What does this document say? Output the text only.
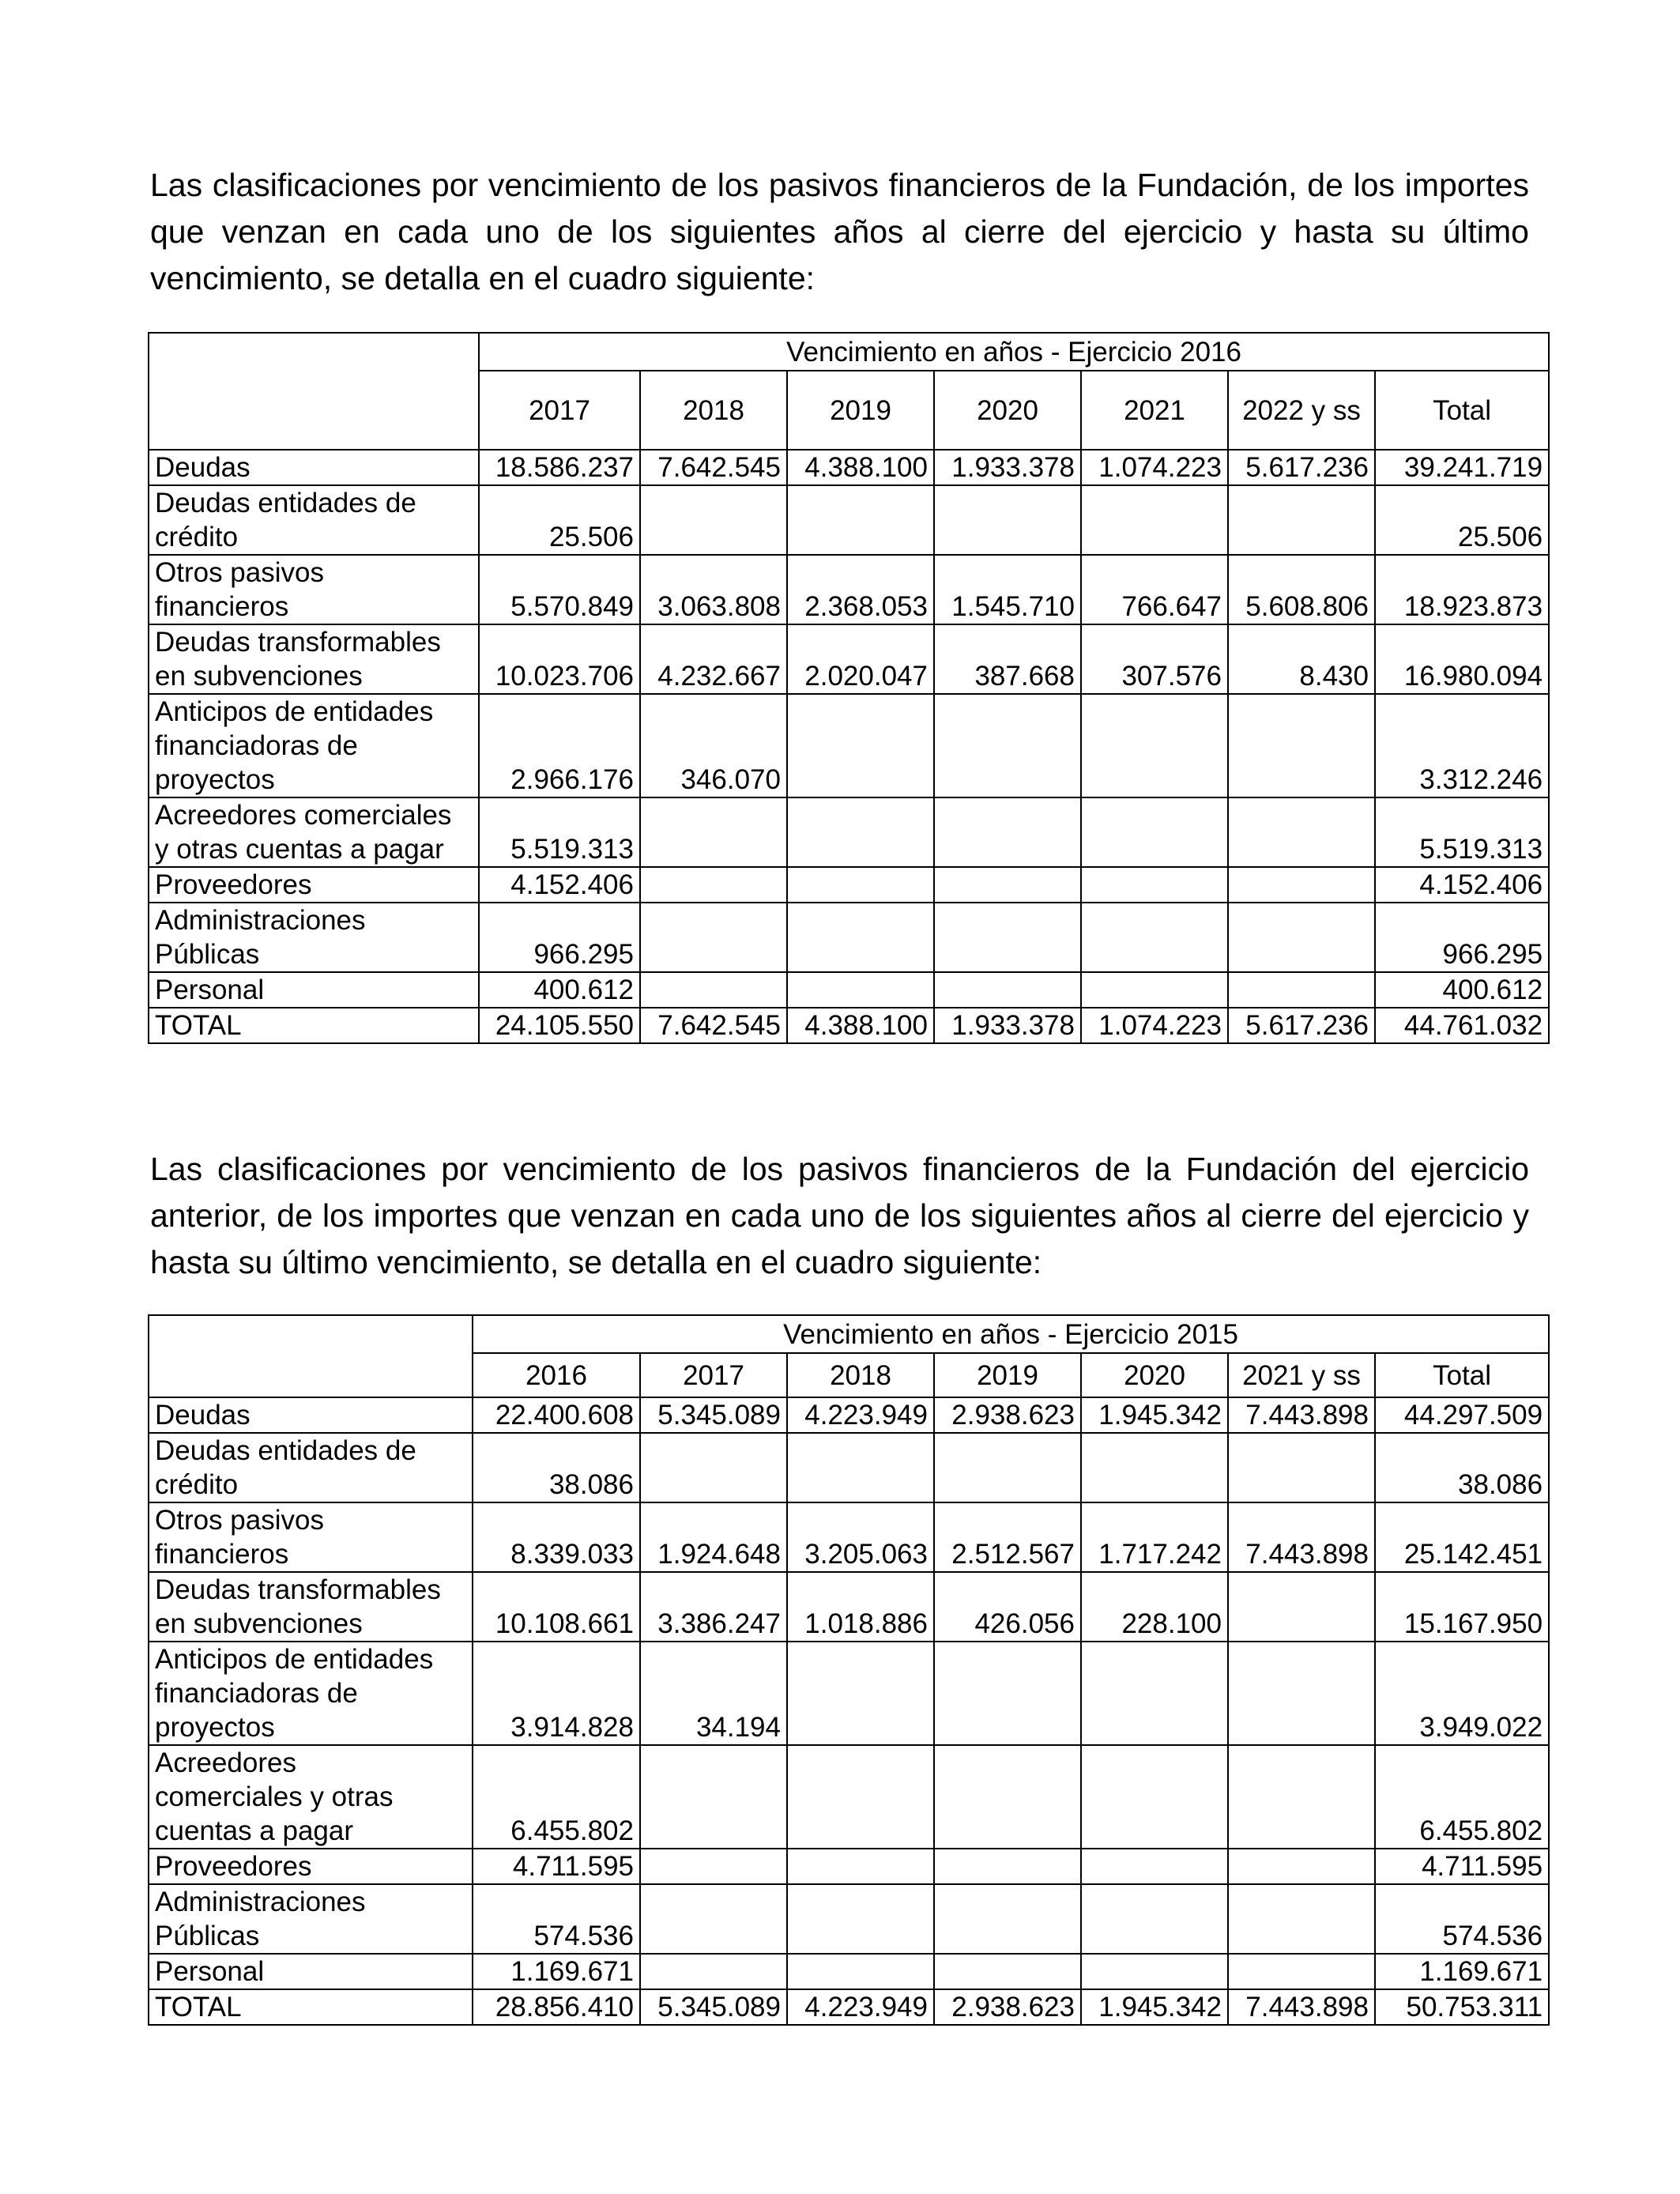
Las clasificaciones por vencimiento de los pasivos financieros de la Fundación, de los importes que venzan en cada uno de los siguientes años al cierre del ejercicio y hasta su último vencimiento, se detalla en el cuadro siguiente:

	Vencimiento en años - Ejercicio 2016						
	2017	2018	2019	2020	2021	2022 y ss	Total
Deudas	18.586.237	7.642.545	4.388.100	1.933.378	1.074.223	5.617.236	39.241.719
Deudas entidades de
crédito	25.506						25.506
Otros pasivos
financieros	5.570.849	3.063.808	2.368.053	1.545.710	766.647	5.608.806	18.923.873
Deudas transformables
en subvenciones	10.023.706	4.232.667	2.020.047	387.668	307.576	8.430	16.980.094
Anticipos de entidades
financiadoras de
proyectos	2.966.176	346.070					3.312.246
Acreedores comerciales
y otras cuentas a pagar	5.519.313						5.519.313
Proveedores	4.152.406						4.152.406
Administraciones
Públicas	966.295						966.295
Personal	400.612						400.612
TOTAL	24.105.550	7.642.545	4.388.100	1.933.378	1.074.223	5.617.236	44.761.032

Las clasificaciones por vencimiento de los pasivos financieros de la Fundación del ejercicio anterior, de los importes que venzan en cada uno de los siguientes años al cierre del ejercicio y hasta su último vencimiento, se detalla en el cuadro siguiente:

	Vencimiento en años - Ejercicio 2015						
	2016	2017	2018	2019	2020	2021 y ss	Total
Deudas	22.400.608	5.345.089	4.223.949	2.938.623	1.945.342	7.443.898	44.297.509
Deudas entidades de
crédito	38.086						38.086
Otros pasivos
financieros	8.339.033	1.924.648	3.205.063	2.512.567	1.717.242	7.443.898	25.142.451
Deudas transformables
en subvenciones	10.108.661	3.386.247	1.018.886	426.056	228.100		15.167.950
Anticipos de entidades
financiadoras de
proyectos	3.914.828	34.194					3.949.022
Acreedores
comerciales y otras
cuentas a pagar	6.455.802						6.455.802
Proveedores	4.711.595						4.711.595
Administraciones
Públicas	574.536						574.536
Personal	1.169.671						1.169.671
TOTAL	28.856.410	5.345.089	4.223.949	2.938.623	1.945.342	7.443.898	50.753.311
